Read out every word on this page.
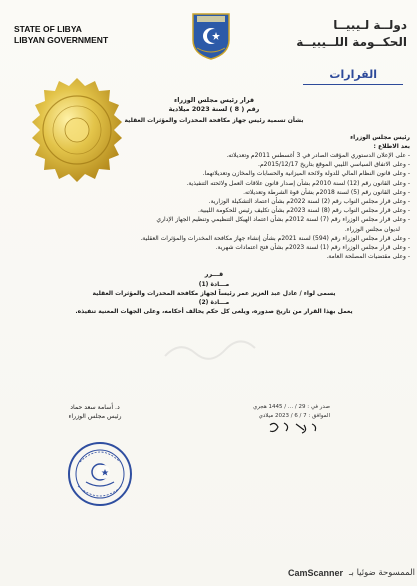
STATE OF LIBYA
LIBYAN GOVERNMENT
دولــة لـيبيــا
الحكــومة اللــيبيــة
القرارات
قرار رئيس مجلس الوزراء
رقم ( 8 ) لسنة 2023 ميلادية
بشأن تسمية رئيس جهاز مكافحة المخدرات والمؤثرات العقلية
رئيس مجلس الوزراء
بعد الاطلاع :
- على الإعلان الدستوري المؤقت الصادر في 3 أغسطس 2011م وتعديلاته.
- وعلى الاتفاق السياسي الليبي الموقع بتاريخ 2015/12/17م.
- وعلى قانون النظام المالي للدولة ولائحة الميزانية والحسابات والمخازن وتعديلاتهما.
- وعلى القانون رقم (12) لسنة 2010م بشأن إصدار قانون علاقات العمل ولائحته التنفيذية.
- وعلى القانون رقم (5) لسنة 2018م بشأن قوة الشرطة وتعديلاته.
- وعلى قرار مجلس النواب رقم (2) لسنة 2022م بشأن اعتماد التشكيلة الوزارية.
- وعلى قرار مجلس النواب رقم (8) لسنة 2023م بشأن تكليف رئيس للحكومة الليبية.
- وعلى قرار مجلس الوزراء رقم (7) لسنة 2012م بشأن اعتماد الهيكل التنظيمي وتنظيم الجهاز الإداري
لديوان مجلس الوزراء.
- وعلى قرار مجلس الوزراء رقم (594) لسنة 2021م بشأن إنشاء جهاز مكافحة المخدرات والمؤثرات العقلية.
- وعلى قرار مجلس الوزراء رقم (1) لسنة 2023م بشأن فتح اعتمادات شهرية.
- وعلى مقتضيات المصلحة العامة.
قـــرر
مـــادة (1)
يسمى لواء / عادل عبد العزيز عمر رئيساً لجهاز مكافحة المخدرات والمؤثرات العقلية
مـــادة (2)
يعمل بهذا القرار من تاريخ صدوره، ويلغى كل حكم يخالف أحكامه، وعلى الجهات المعنية تنفيذه.
د. أسامة سعد حماد
رئيس مجلس الوزراء
صدر في : 29 / ... / 1445 هجري
الموافق : 7 / 6 / 2023 ميلادي
الممسوحة ضوئيا بـ
CamScanner
